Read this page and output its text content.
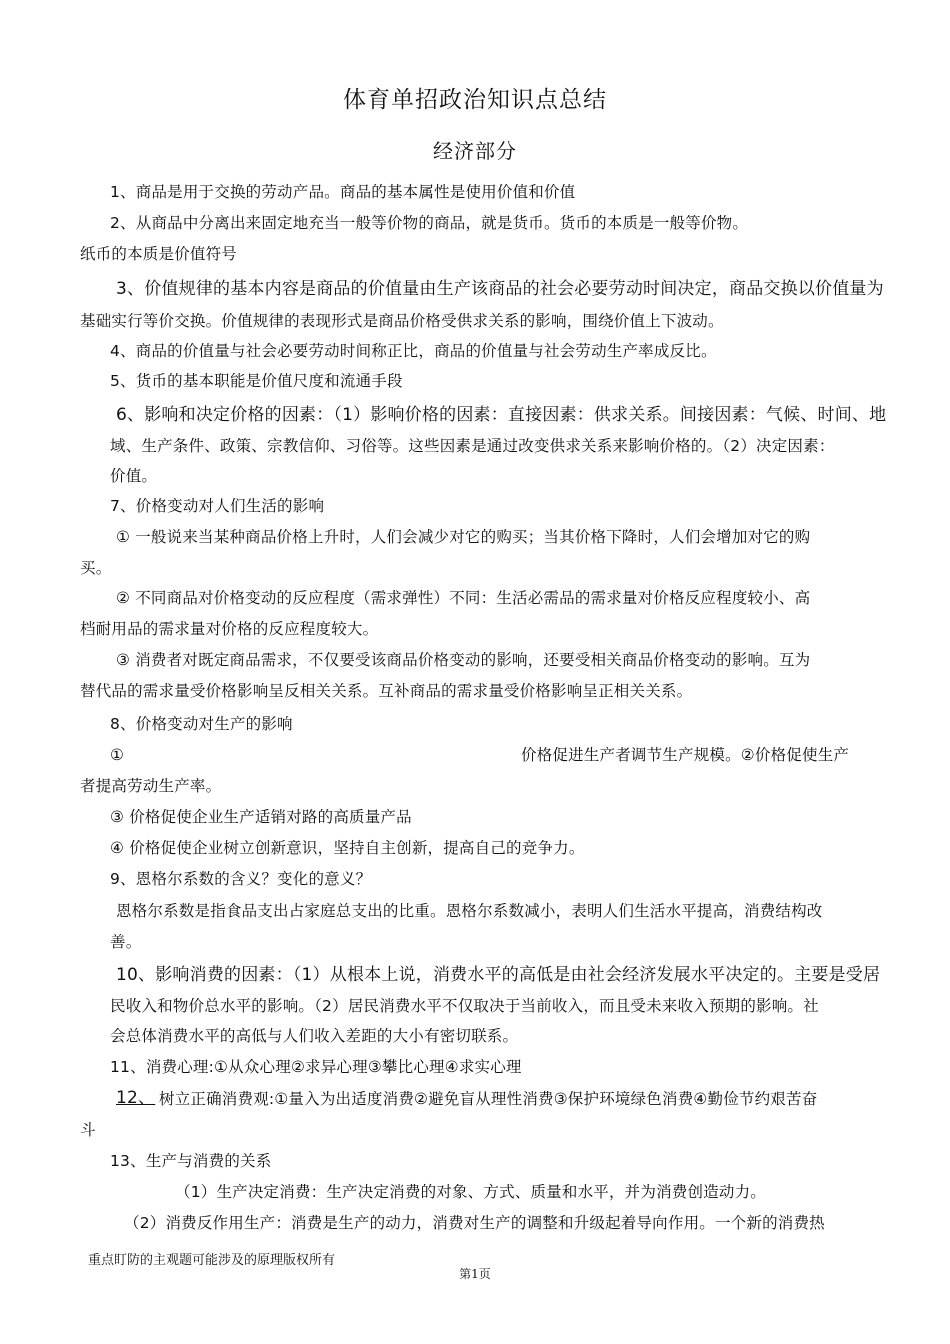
体育单招政治知识点总结
经济部分
1、商品是用于交换的劳动产品。商品的基本属性是使用价值和价值
2、从商品中分离出来固定地充当一般等价物的商品，就是货币。货币的本质是一般等价物。
纸币的本质是价值符号
3、价值规律的基本内容是商品的价值量由生产该商品的社会必要劳动时间决定，商品交换以价值量为
基础实行等价交换。价值规律的表现形式是商品价格受供求关系的影响，围绕价值上下波动。
4、商品的价值量与社会必要劳动时间称正比，商品的价值量与社会劳动生产率成反比。
5、货币的基本职能是价值尺度和流通手段
6、影响和决定价格的因素：（1）影响价格的因素：直接因素：供求关系。间接因素：气候、时间、地
域、生产条件、政策、宗教信仰、习俗等。这些因素是通过改变供求关系来影响价格的。（2）决定因素：
价值。
7、价格变动对人们生活的影响
① 一般说来当某种商品价格上升时，人们会减少对它的购买；当其价格下降时，人们会增加对它的购
买。
② 不同商品对价格变动的反应程度（需求弹性）不同：生活必需品的需求量对价格反应程度较小、高
档耐用品的需求量对价格的反应程度较大。
③ 消费者对既定商品需求，不仅要受该商品价格变动的影响，还要受相关商品价格变动的影响。互为
替代品的需求量受价格影响呈反相关关系。互补商品的需求量受价格影响呈正相关关系。
8、价格变动对生产的影响
①	价格促进生产者调节生产规模。②价格促使生产
者提高劳动生产率。
③ 价格促使企业生产适销对路的高质量产品
④ 价格促使企业树立创新意识，坚持自主创新，提高自己的竞争力。
9、恩格尔系数的含义？变化的意义？
恩格尔系数是指食品支出占家庭总支出的比重。恩格尔系数减小，表明人们生活水平提高，消费结构改
善。
10、影响消费的因素：（1）从根本上说，消费水平的高低是由社会经济发展水平决定的。主要是受居
民收入和物价总水平的影响。（2）居民消费水平不仅取决于当前收入，而且受未来收入预期的影响。社
会总体消费水平的高低与人们收入差距的大小有密切联系。
11、消费心理:①从众心理②求异心理③攀比心理④求实心理
12、 树立正确消费观:①量入为出适度消费②避免盲从理性消费③保护环境绿色消费④勤俭节约艰苦奋
斗
13、生产与消费的关系
（1）生产决定消费：生产决定消费的对象、方式、质量和水平，并为消费创造动力。
（2）消费反作用生产：消费是生产的动力，消费对生产的调整和升级起着导向作用。一个新的消费热
重点盯防的主观题可能涉及的原理版权所有
第1页
